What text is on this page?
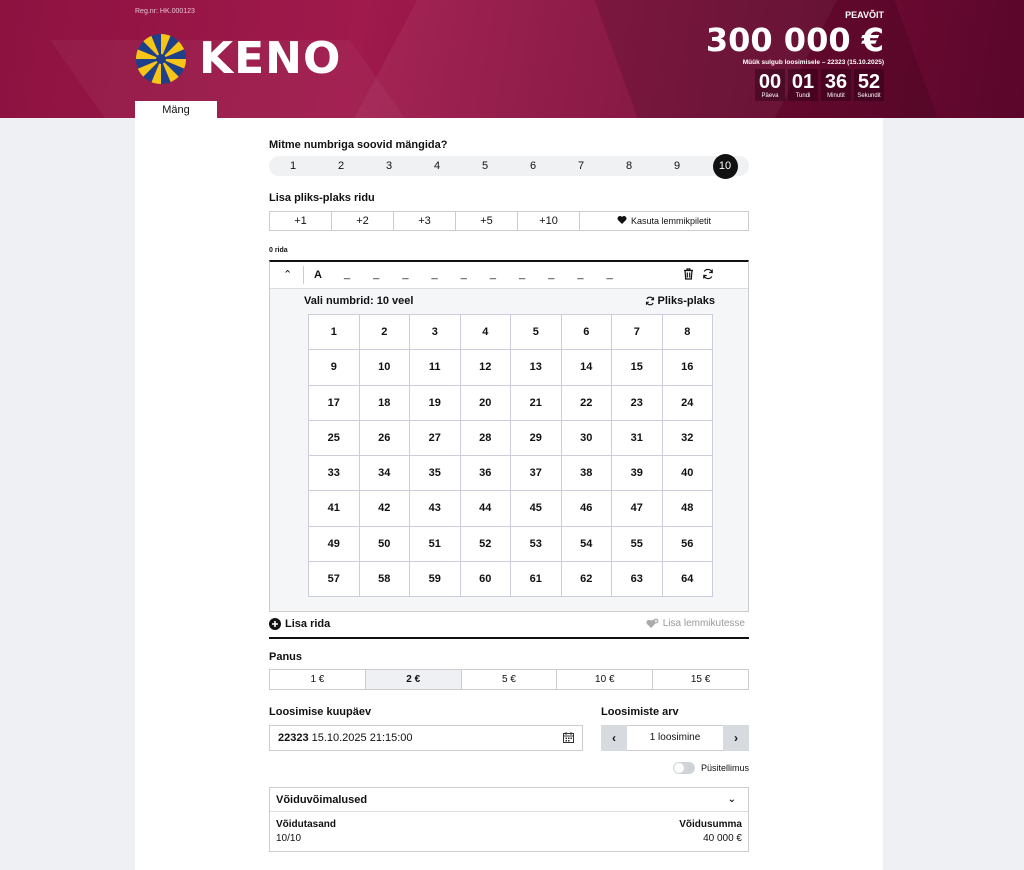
Reg.nr: HK.000123
KENO
PEAVÕIT
300 000 €
Müük sulgub loosimisele – 22323 (15.10.2025)
00
Päeva
01
Tundi
36
Minutit
52
Sekundit
Mäng
Mitme numbriga soovid mängida?
1	2	3	4	5	6	7	8	9	10
Lisa pliks-plaks ridu
+1	+2	+3	+5	+10	Kasuta lemmikpiletit
0 rida
⌃ A _ _ _ _ _ _ _ _ _ _
Vali numbrid: 10 veel	Pliks-plaks
1	2	3	4	5	6	7	8
9	10	11	12	13	14	15	16
17	18	19	20	21	22	23	24
25	26	27	28	29	30	31	32
33	34	35	36	37	38	39	40
41	42	43	44	45	46	47	48
49	50	51	52	53	54	55	56
57	58	59	60	61	62	63	64
Lisa rida	Lisa lemmikutesse
Panus
1 €	2 €	5 €	10 €	15 €
Loosimise kuupäev
22323 15.10.2025 21:15:00
Loosimiste arv
‹	1 loosimine	›
Püsitellimus
Võiduvõimalused	⌄
Võidutasand
10/10
Võidusumma
40 000 €
